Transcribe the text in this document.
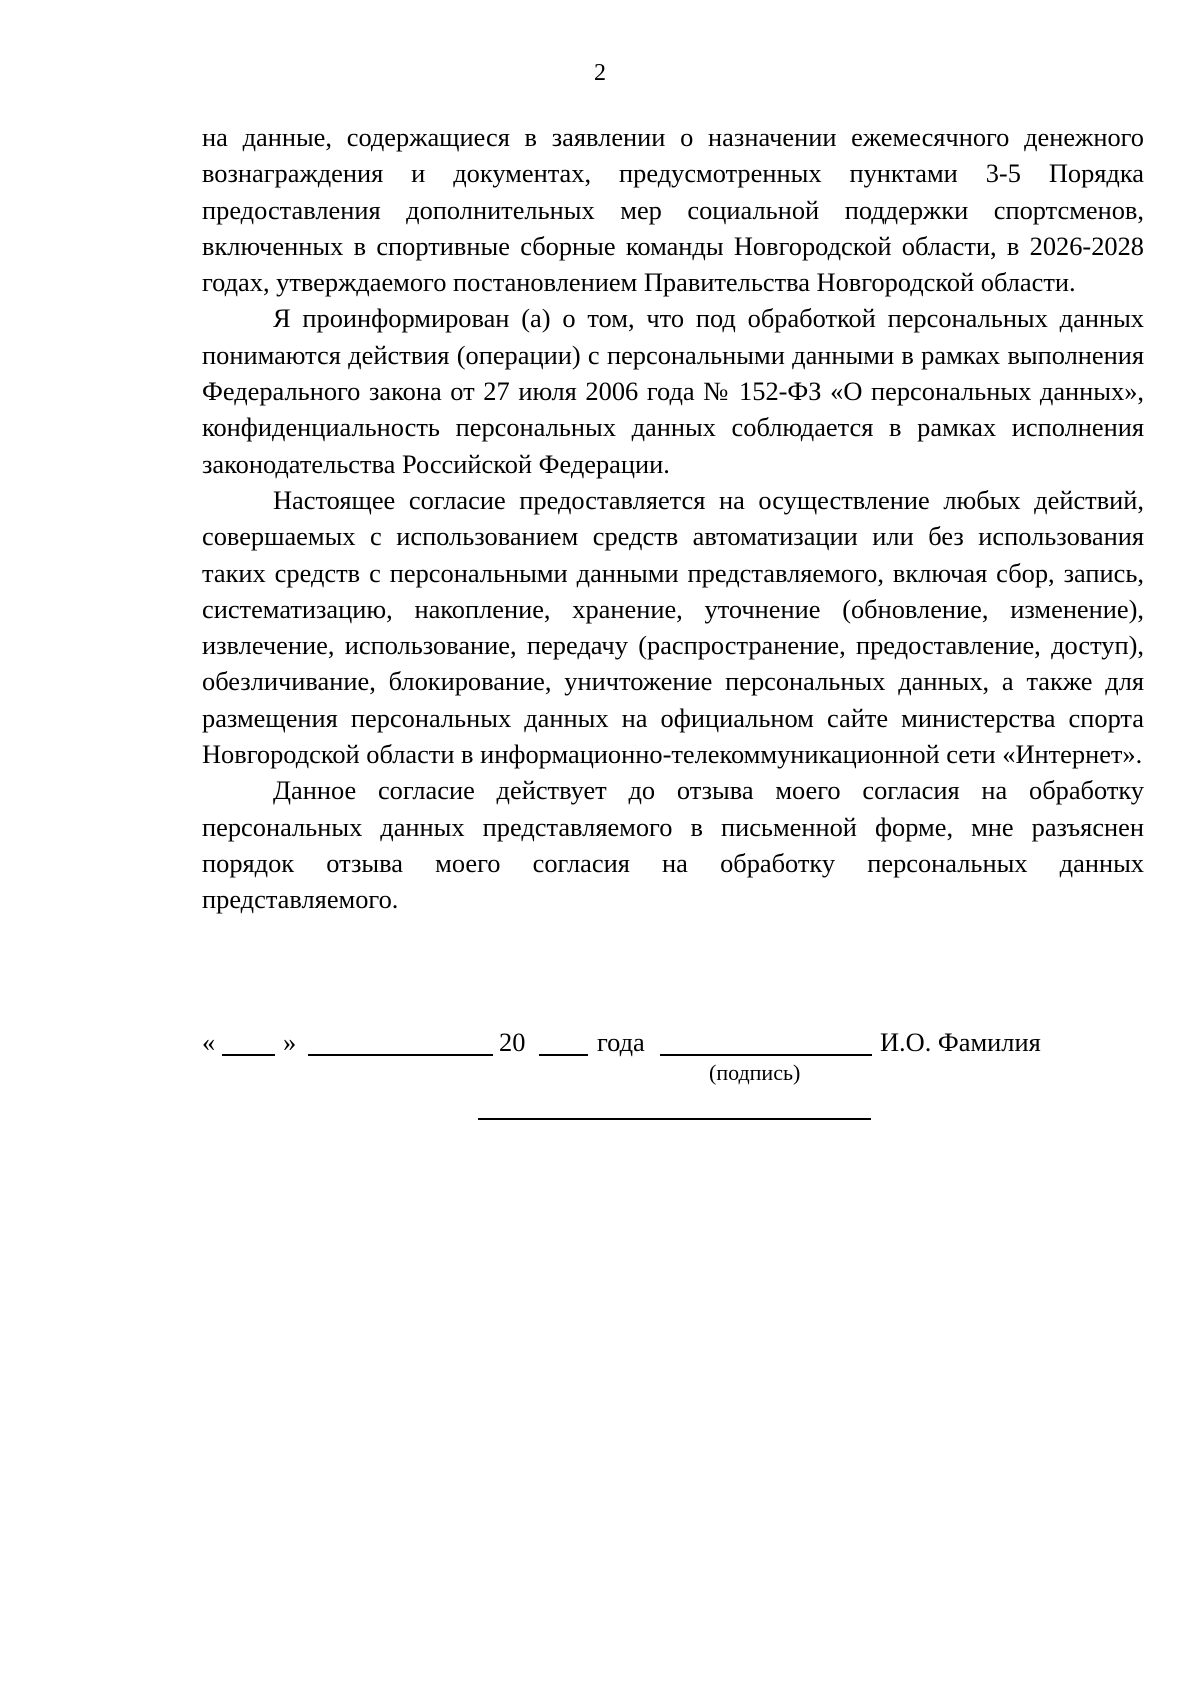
2

на данные, содержащиеся в заявлении о назначении ежемесячного денежного вознаграждения и документах, предусмотренных пунктами 3-5 Порядка предоставления дополнительных мер социальной поддержки спортсменов, включенных в спортивные сборные команды Новгородской области, в 2026-2028 годах, утверждаемого постановлением Правительства Новгородской области.

Я проинформирован (а) о том, что под обработкой персональных данных понимаются действия (операции) с персональными данными в рамках выполнения Федерального закона от 27 июля 2006 года № 152-ФЗ «О персональных данных», конфиденциальность персональных данных соблюдается в рамках исполнения законодательства Российской Федерации.

Настоящее согласие предоставляется на осуществление любых действий, совершаемых с использованием средств автоматизации или без использования таких средств с персональными данными представляемого, включая сбор, запись, систематизацию, накопление, хранение, уточнение (обновление, изменение), извлечение, использование, передачу (распространение, предоставление, доступ), обезличивание, блокирование, уничтожение персональных данных, а также для размещения персональных данных на официальном сайте министерства спорта Новгородской области в информационно-телекоммуникационной сети «Интернет».

Данное согласие действует до отзыва моего согласия на обработку персональных данных представляемого в письменной форме, мне разъяснен порядок отзыва моего согласия на обработку персональных данных представляемого.

«	»	20	года	И.О. Фамилия
(подпись)
